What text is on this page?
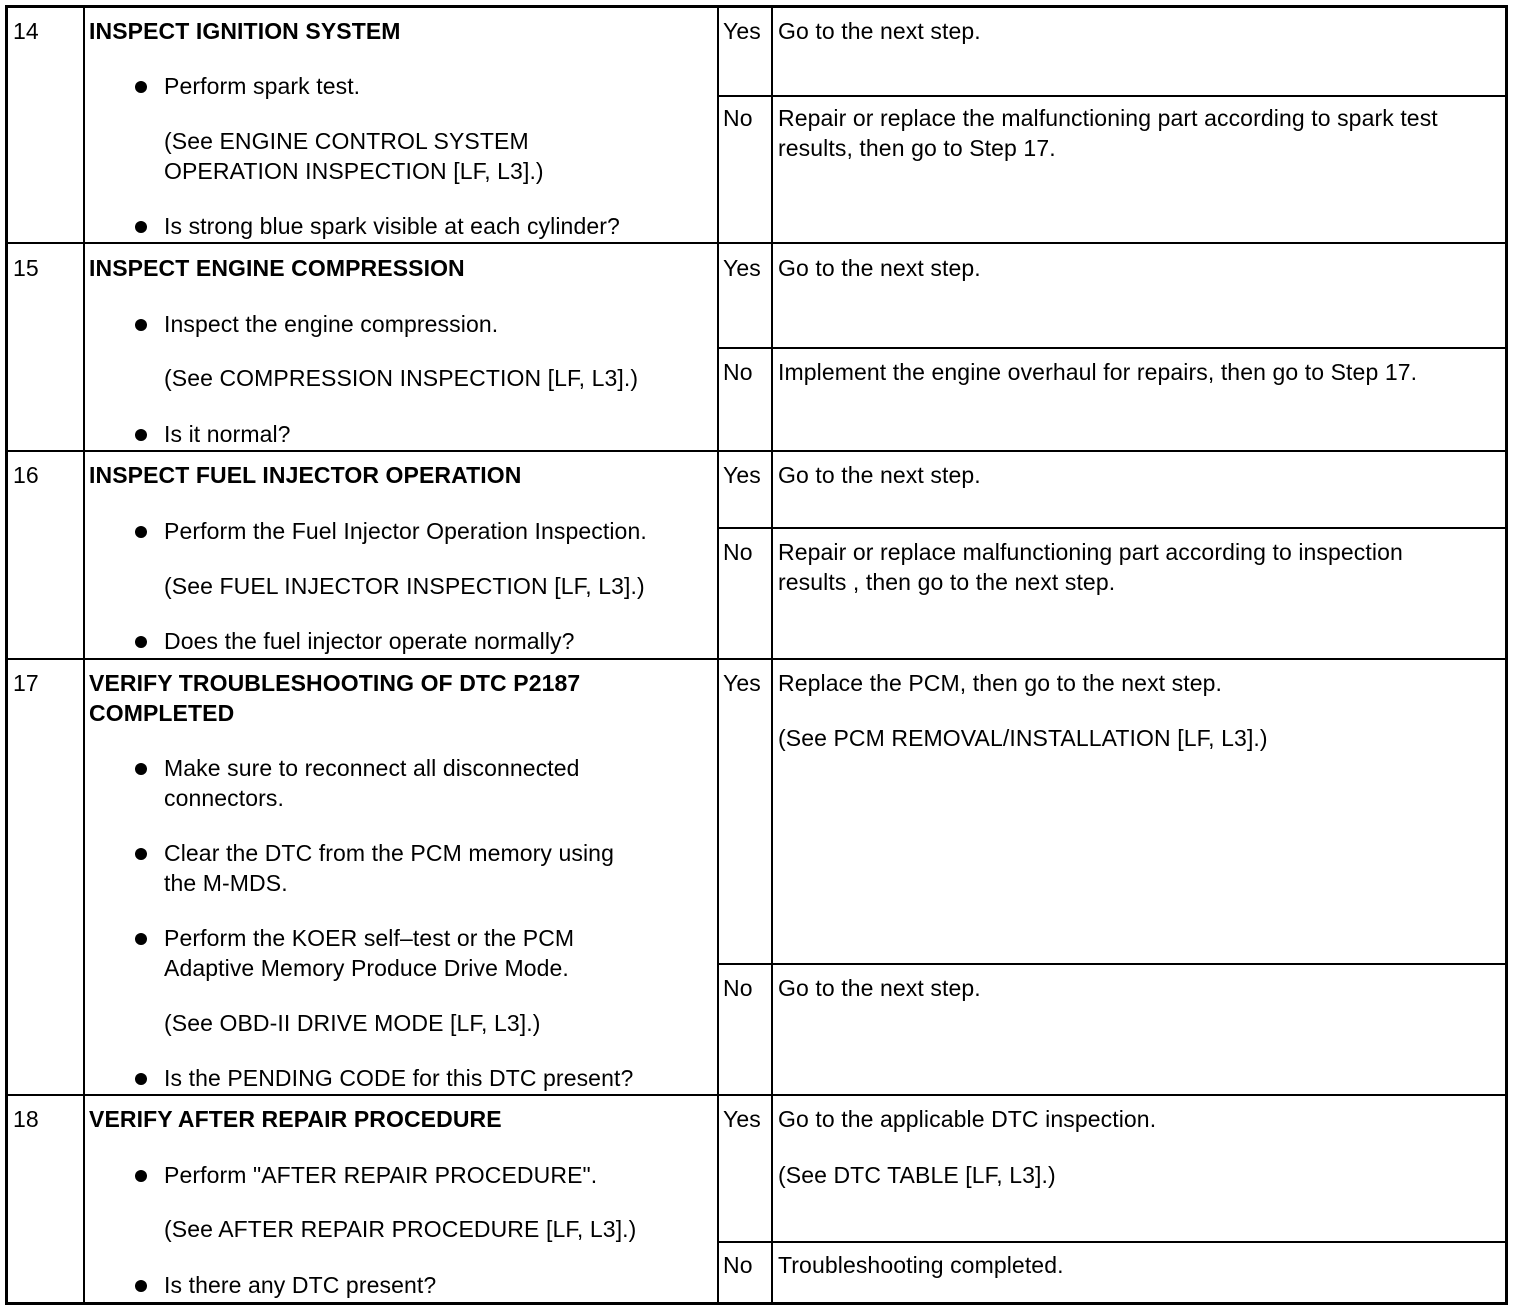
14 INSPECT IGNITION SYSTEM
Perform spark test.
(See ENGINE CONTROL SYSTEM
OPERATION INSPECTION [LF, L3].)
Is strong blue spark visible at each cylinder?
Yes Go to the next step.
No Repair or replace the malfunctioning part according to spark test
results, then go to Step 17.
15 INSPECT ENGINE COMPRESSION
Inspect the engine compression.
(See COMPRESSION INSPECTION [LF, L3].)
Is it normal?
Yes Go to the next step.
No Implement the engine overhaul for repairs, then go to Step 17.
16 INSPECT FUEL INJECTOR OPERATION
Perform the Fuel Injector Operation Inspection.
(See FUEL INJECTOR INSPECTION [LF, L3].)
Does the fuel injector operate normally?
Yes Go to the next step.
No Repair or replace malfunctioning part according to inspection
results , then go to the next step.
17 VERIFY TROUBLESHOOTING OF DTC P2187
COMPLETED
Make sure to reconnect all disconnected
connectors.
Clear the DTC from the PCM memory using
the M-MDS.
Perform the KOER self–test or the PCM
Adaptive Memory Produce Drive Mode.
(See OBD-II DRIVE MODE [LF, L3].)
Is the PENDING CODE for this DTC present?
Yes Replace the PCM, then go to the next step.
(See PCM REMOVAL/INSTALLATION [LF, L3].)
No Go to the next step.
18 VERIFY AFTER REPAIR PROCEDURE
Perform "AFTER REPAIR PROCEDURE".
(See AFTER REPAIR PROCEDURE [LF, L3].)
Is there any DTC present?
Yes Go to the applicable DTC inspection.
(See DTC TABLE [LF, L3].)
No Troubleshooting completed.
